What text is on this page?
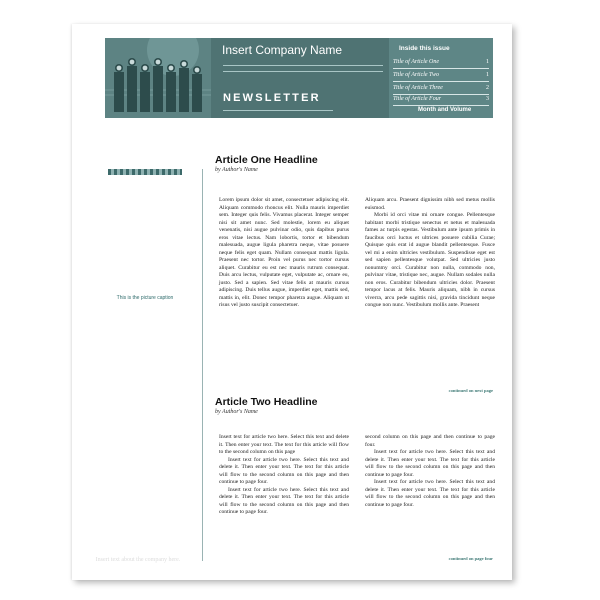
Insert Company Name
NEWSLETTER
Inside this issue
Title of Article One	1
Title of Article Two	1
Title of Article Three	2
Title of Article Four	3
Month and Volume
This is the picture caption
Insert text about the company here.
Article One Headline
by Author's Name

Lorem ipsum dolor sit amet, consectetuer adipiscing elit. Aliquam commodo rhoncus elit. Nulla mauris imperdiet sem. Integer quis felis. Vivamus placerat. Integer semper nisi sit amet nunc. Sed molestie, lorem eu aliquet venenatis, nisi augue pulvinar odio, quis dapibus purus eros vitae lectus. Nam lobortis, tortor et bibendum malesuada, augue ligula pharetra neque, vitae posuere neque felis eget quam. Nullam consequat mattis ligula. Praesent nec tortor. Proin vel purus nec tortor cursus aliquet. Curabitur eu est nec mauris rutrum consequat. Duis arcu lectus, vulputate eget, vulputate ac, ornare eu, justo. Sed a sapien. Sed vitae felis at mauris cursus adipiscing. Duis tellus augue, imperdiet eget, mattis sed, mattis in, elit. Donec tempor pharetra augue. Aliquam ut risus vel justo suscipit consectetuer.

Aliquam arcu. Praesent dignissim nibh sed metus mollis euismod.

Morbi id orci vitae mi ornare congue. Pellentesque habitant morbi tristique senectus et netus et malesuada fames ac turpis egestas. Vestibulum ante ipsum primis in faucibus orci luctus et ultrices posuere cubilia Curae; Quisque quis erat id augue blandit pellentesque. Fusce vel mi a enim ultricies vestibulum. Suspendisse eget est sed sapien pellentesque volutpat. Sed ultricies justo nonummy orci. Curabitur non nulla, commodo non, pulvinar vitae, tristique nec, augue. Nullam sodales nulla non eros. Curabitur bibendum ultricies dolor. Praesent tempor lacus at felis. Mauris aliquam, nibh in cursus viverra, arcu pede sagittis nisi, gravida tincidunt neque congue non nunc. Vestibulum mollis ante. Praesent

continued on next page
Article Two Headline
by Author's Name

Insert text for article two here. Select this text and delete it. Then enter your text. The text for this article will flow to the second column on this page

Insert text for article two here. Select this text and delete it. Then enter your text. The text for this article will flow to the second column on this page and then continue to page four.

Insert text for article two here. Select this text and delete it. Then enter your text. The text for this article will flow to the second column on this page and then continue to page four.

second column on this page and then continue to page four.

Insert text for article two here. Select this text and delete it. Then enter your text. The text for this article will flow to the second column on this page and then continue to page four.

Insert text for article two here. Select this text and delete it. Then enter your text. The text for this article will flow to the second column on this page and then continue to page four.

continued on page four
